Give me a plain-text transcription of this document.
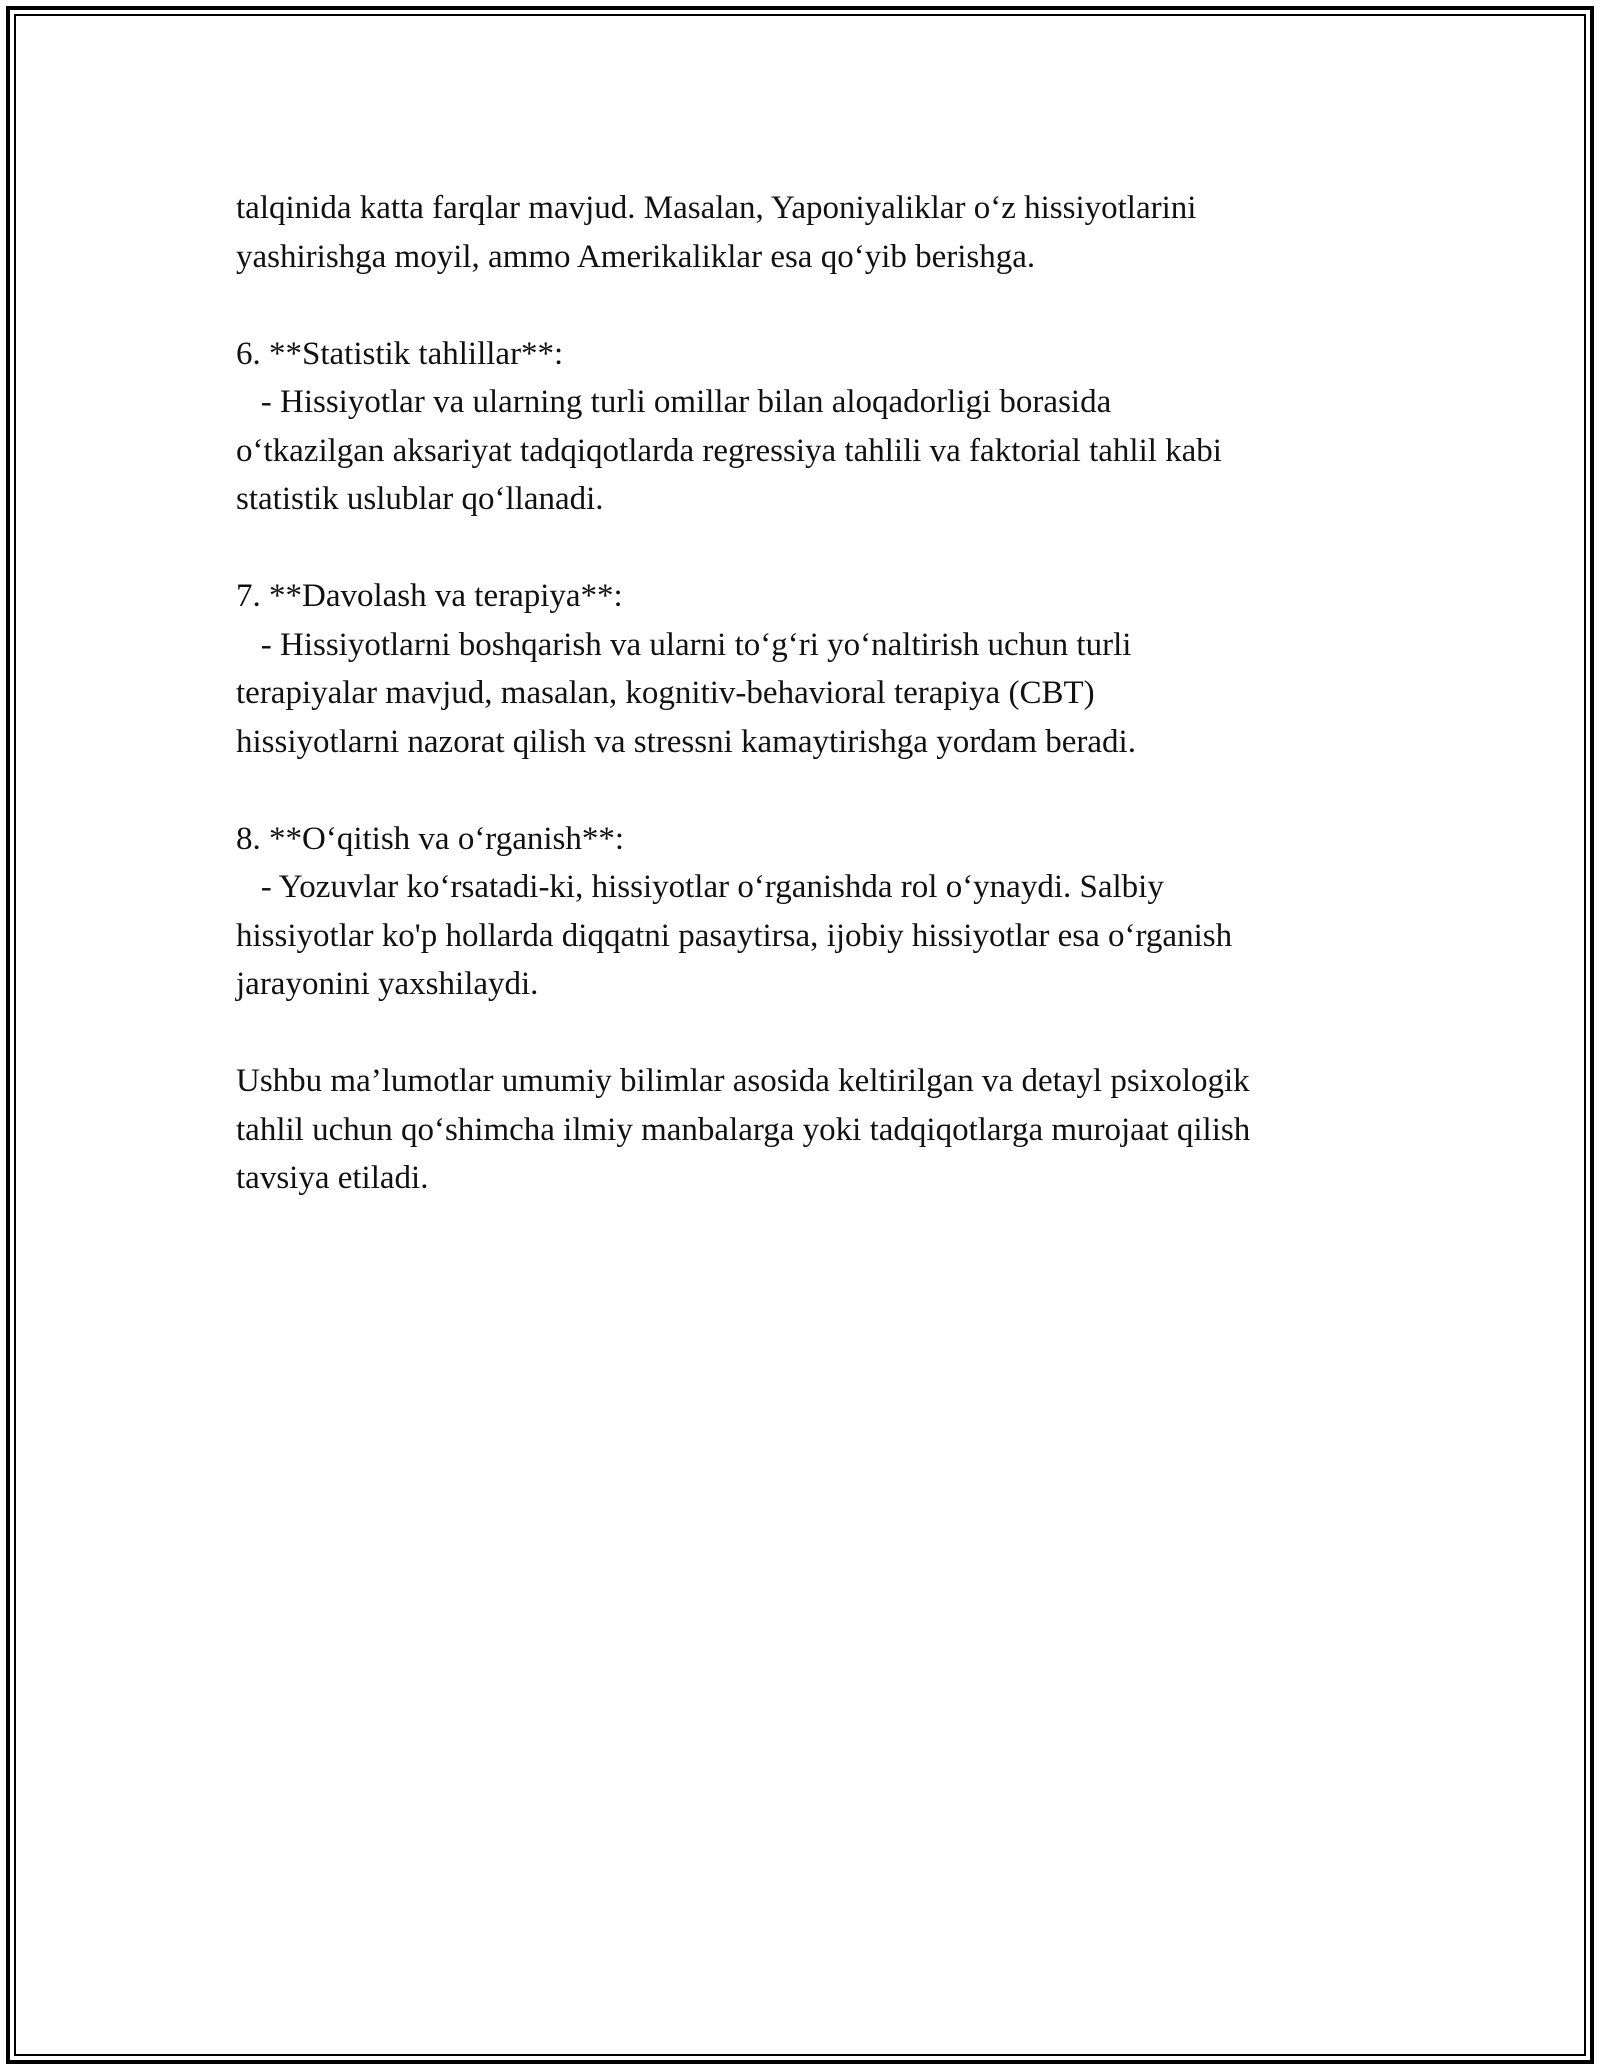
talqinida katta farqlar mavjud. Masalan, Yaponiyaliklar o‘z hissiyotlarini
yashirishga moyil, ammo Amerikaliklar esa qo‘yib berishga.

6. **Statistik tahlillar**:
- Hissiyotlar va ularning turli omillar bilan aloqadorligi borasida
o‘tkazilgan aksariyat tadqiqotlarda regressiya tahlili va faktorial tahlil kabi
statistik uslublar qo‘llanadi.

7. **Davolash va terapiya**:
- Hissiyotlarni boshqarish va ularni to‘g‘ri yo‘naltirish uchun turli
terapiyalar mavjud, masalan, kognitiv-behavioral terapiya (CBT)
hissiyotlarni nazorat qilish va stressni kamaytirishga yordam beradi.

8. **O‘qitish va o‘rganish**:
- Yozuvlar ko‘rsatadi-ki, hissiyotlar o‘rganishda rol o‘ynaydi. Salbiy
hissiyotlar ko'p hollarda diqqatni pasaytirsa, ijobiy hissiyotlar esa o‘rganish
jarayonini yaxshilaydi.

Ushbu ma’lumotlar umumiy bilimlar asosida keltirilgan va detayl psixologik
tahlil uchun qo‘shimcha ilmiy manbalarga yoki tadqiqotlarga murojaat qilish
tavsiya etiladi.
